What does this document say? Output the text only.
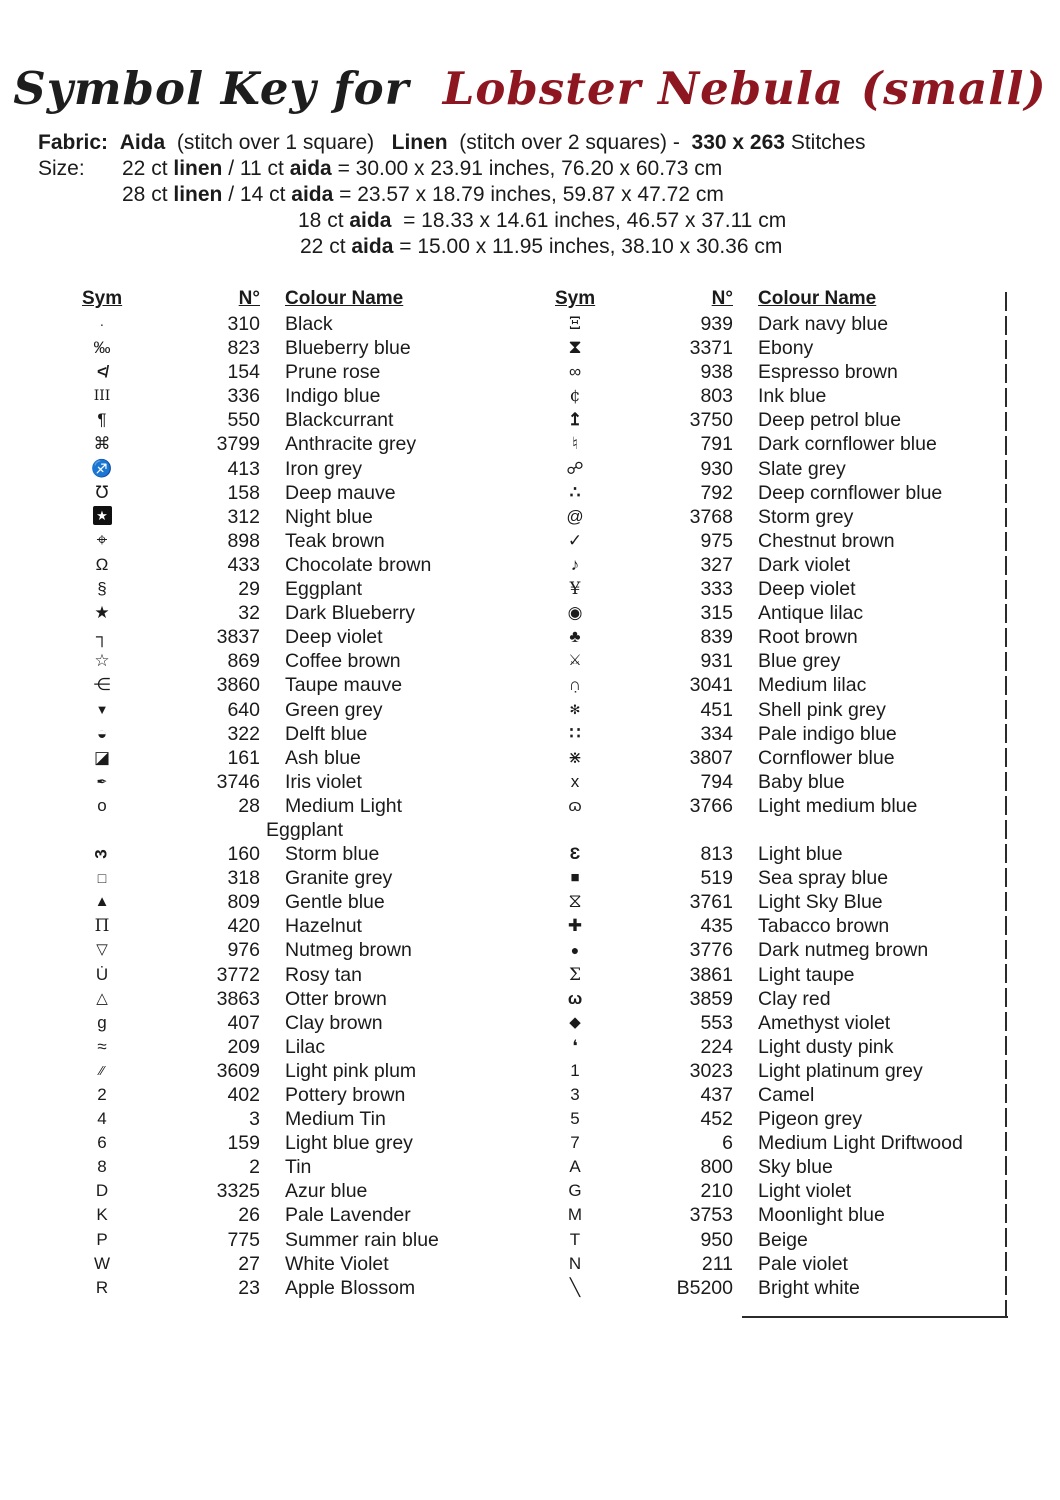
Symbol Key for  Lobster Nebula (small)
Fabric: Aida  (stitch over 1 square)   Linen  (stitch over 2 squares) -  330 x 263 Stitches
Size: 22 ct linen / 11 ct aida = 30.00 x 23.91 inches, 76.20 x 60.73 cm
28 ct linen / 14 ct aida = 23.57 x 18.79 inches, 59.87 x 47.72 cm
18 ct aida  = 18.33 x 14.61 inches, 46.57 x 37.11 cm
22 ct aida = 15.00 x 11.95 inches, 38.10 x 30.36 cm
Sym	N°	Colour Name
∙	310	Black
‰	823	Blueberry blue
≮	154	Prune rose
III	336	Indigo blue
¶	550	Blackcurrant
⌘	3799	Anthracite grey
♐	413	Iron grey
℧	158	Deep mauve
★	312	Night blue
⌖	898	Teak brown
Ω	433	Chocolate brown
§	29	Eggplant
★	32	Dark Blueberry
┐	3837	Deep violet
☆	869	Coffee brown
⋲	3860	Taupe mauve
▼	640	Green grey
◒	322	Delft blue
◪	161	Ash blue
✒	3746	Iris violet
o	28	Medium Light
Eggplant
3	160	Storm blue
□	318	Granite grey
▲	809	Gentle blue
Π	420	Hazelnut
▽	976	Nutmeg brown
U̇	3772	Rosy tan
△	3863	Otter brown
g	407	Clay brown
≈	209	Lilac
∕∕	3609	Light pink plum
2	402	Pottery brown
4	3	Medium Tin
6	159	Light blue grey
8	2	Tin
D	3325	Azur blue
K	26	Pale Lavender
P	775	Summer rain blue
W	27	White Violet
R	23	Apple Blossom
Sym	N°	Colour Name
Ξ	939	Dark navy blue
⧗	3371	Ebony
∞	938	Espresso brown
¢	803	Ink blue
↥	3750	Deep petrol blue
♮	791	Dark cornflower blue
☍	930	Slate grey
∴	792	Deep cornflower blue
@	3768	Storm grey
✓	975	Chestnut brown
♪	327	Dark violet
¥	333	Deep violet
◉	315	Antique lilac
♣	839	Root brown
⚔	931	Blue grey
∩̣	3041	Medium lilac
✻	451	Shell pink grey
∷	334	Pale indigo blue
⋇	3807	Cornflower blue
x	794	Baby blue
ɷ	3766	Light medium blue
Ɛ	813	Light blue
■	519	Sea spray blue
⧖	3761	Light Sky Blue
✚	435	Tabacco brown
●	3776	Dark nutmeg brown
Σ	3861	Light taupe
ω	3859	Clay red
◆	553	Amethyst violet
❛	224	Light dusty pink
1	3023	Light platinum grey
3	437	Camel
5	452	Pigeon grey
7	6	Medium Light Driftwood
A	800	Sky blue
G	210	Light violet
M	3753	Moonlight blue
T	950	Beige
N	211	Pale violet
╲	B5200	Bright white
